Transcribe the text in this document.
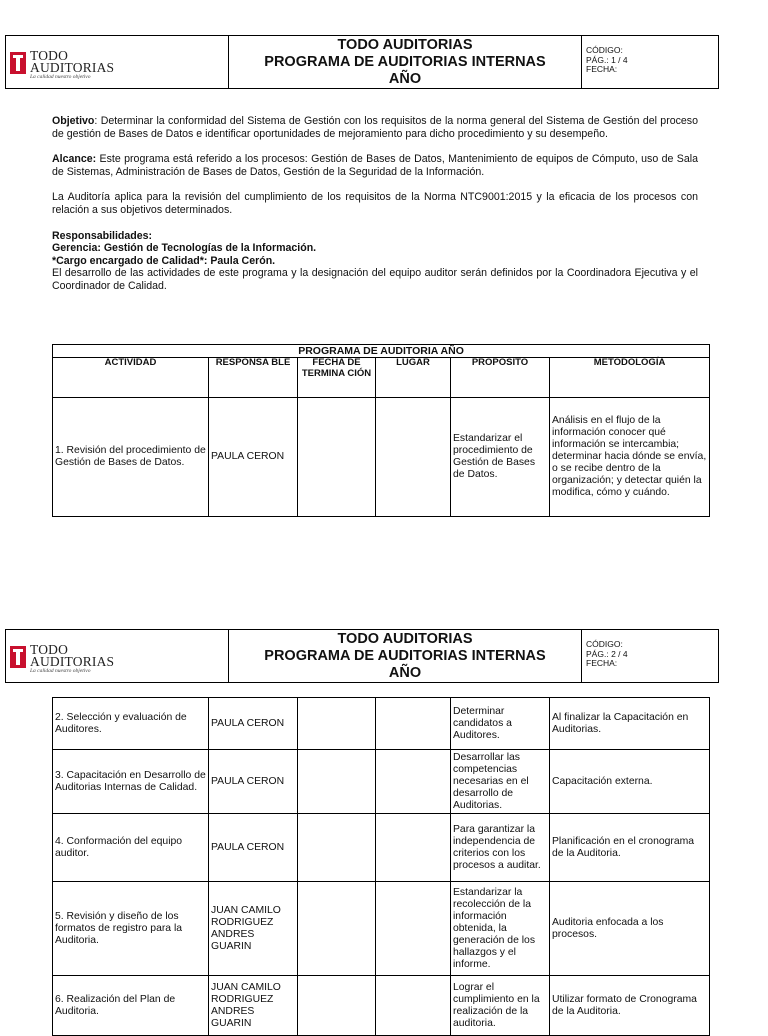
TODO
AUDITORIAS
La calidad nuestro objetivo
TODO AUDITORIAS
PROGRAMA DE AUDITORIAS INTERNAS
AÑO
CÓDIGO:
PÁG.: 1 / 4
FECHA:

Objetivo: Determinar la conformidad del Sistema de Gestión con los requisitos de la norma general del Sistema de Gestión del proceso de gestión de Bases de Datos e identificar oportunidades de mejoramiento para dicho procedimiento y su desempeño.

Alcance: Este programa está referido a los procesos: Gestión de Bases de Datos, Mantenimiento de equipos de Cómputo, uso de Sala de Sistemas, Administración de Bases de Datos, Gestión de la Seguridad de la Información.

La Auditoría aplica para la revisión del cumplimiento de los requisitos de la Norma NTC9001:2015 y la eficacia de los procesos con relación a sus objetivos determinados.

Responsabilidades:
Gerencia: Gestión de Tecnologías de la Información.
*Cargo encargado de Calidad*: Paula Cerón.
El desarrollo de las actividades de este programa y la designación del equipo auditor serán definidos por la Coordinadora Ejecutiva y el Coordinador de Calidad.
PROGRAMA DE AUDITORIA AÑO					
ACTIVIDAD	RESPONSA BLE	FECHA DE TERMINA CIÓN	LUGAR	PROPOSITO	METODOLOGÍA
1. Revisión del procedimiento de Gestión de Bases de Datos.	PAULA CERON			Estandarizar el procedimiento de Gestión de Bases de Datos.	Análisis en el flujo de la información conocer qué información se intercambia; determinar hacia dónde se envía, o se recibe dentro de la organización; y detectar quién la modifica, cómo y cuándo.
TODO
AUDITORIAS
La calidad nuestro objetivo
TODO AUDITORIAS
PROGRAMA DE AUDITORIAS INTERNAS
AÑO
CÓDIGO:
PÁG.: 2 / 4
FECHA:
2. Selección y evaluación de Auditores.	PAULA CERON			Determinar candidatos a Auditores.	Al finalizar la Capacitación en Auditorias.
3. Capacitación en Desarrollo de Auditorias Internas de Calidad.	PAULA CERON			Desarrollar las competencias necesarias en el desarrollo de Auditorias.	Capacitación externa.
4. Conformación del equipo auditor.	PAULA CERON			Para garantizar la independencia de criterios con los procesos a auditar.	Planificación en el cronograma de la Auditoria.
5. Revisión y diseño de los formatos de registro para la Auditoria.	JUAN CAMILO RODRIGUEZ ANDRES GUARIN			Estandarizar la recolección de la información obtenida, la generación de los hallazgos y el informe.	Auditoria enfocada a los procesos.
6. Realización del Plan de Auditoria.	JUAN CAMILO RODRIGUEZ ANDRES GUARIN			Lograr el cumplimiento en la realización de la auditoria.	Utilizar formato de Cronograma de la Auditoria.
